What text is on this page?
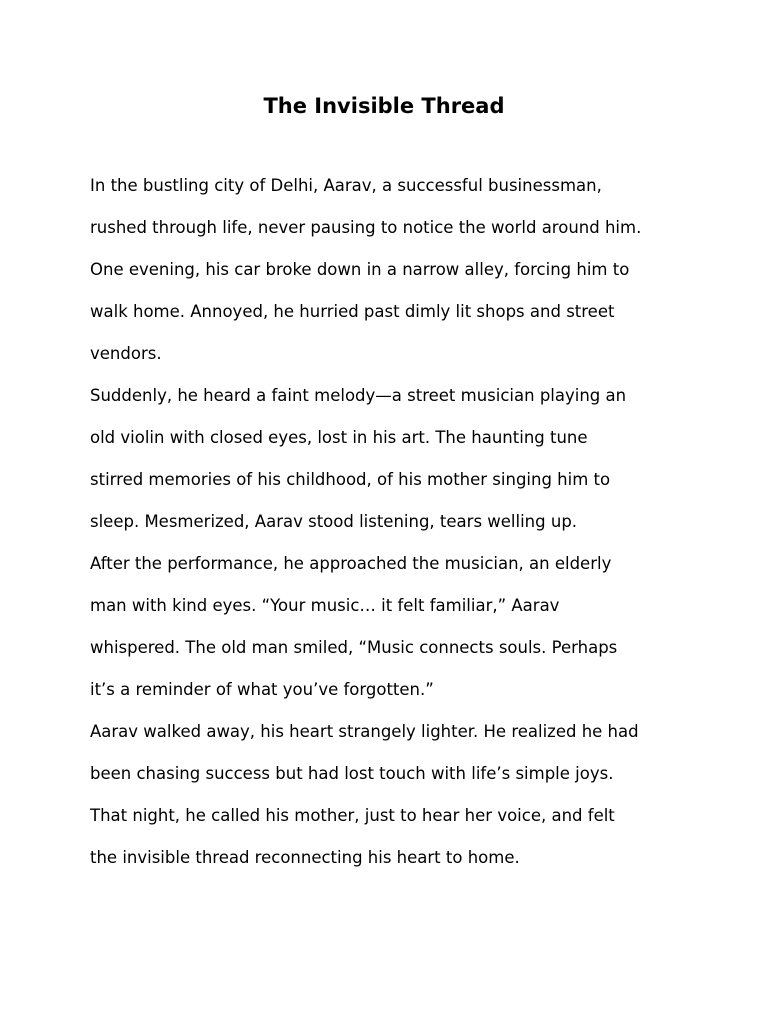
The Invisible Thread
In the bustling city of Delhi, Aarav, a successful businessman,
rushed through life, never pausing to notice the world around him.
One evening, his car broke down in a narrow alley, forcing him to
walk home. Annoyed, he hurried past dimly lit shops and street
vendors.
Suddenly, he heard a faint melody—a street musician playing an
old violin with closed eyes, lost in his art. The haunting tune
stirred memories of his childhood, of his mother singing him to
sleep. Mesmerized, Aarav stood listening, tears welling up.
After the performance, he approached the musician, an elderly
man with kind eyes. “Your music… it felt familiar,” Aarav
whispered. The old man smiled, “Music connects souls. Perhaps
it’s a reminder of what you’ve forgotten.”
Aarav walked away, his heart strangely lighter. He realized he had
been chasing success but had lost touch with life’s simple joys.
That night, he called his mother, just to hear her voice, and felt
the invisible thread reconnecting his heart to home.
